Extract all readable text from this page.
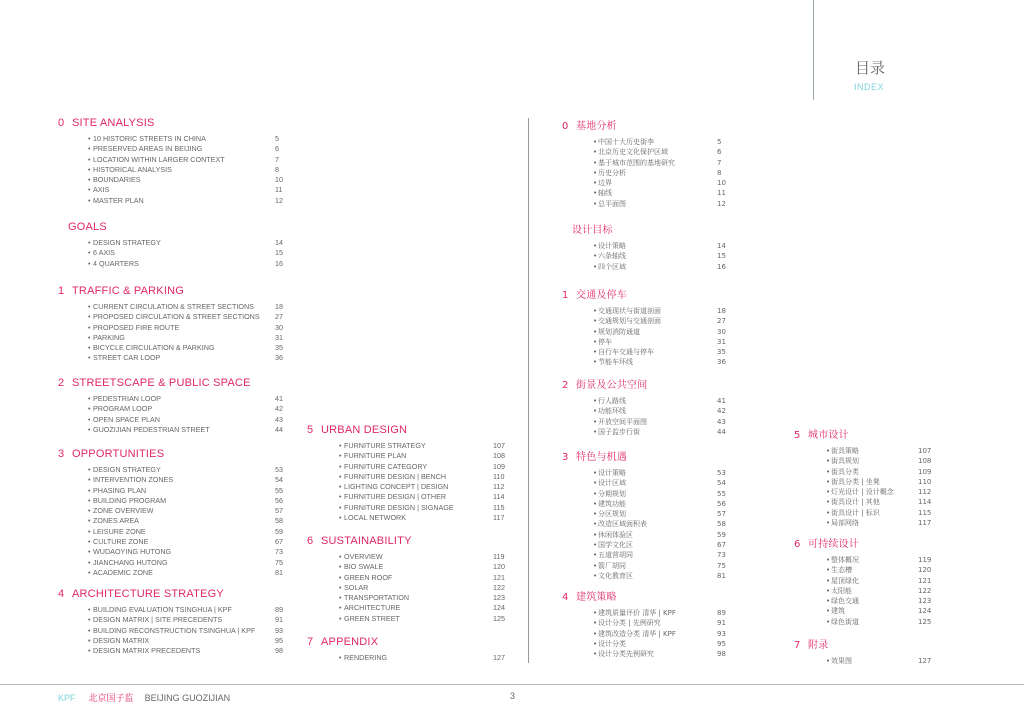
目录
INDEX
0 SITE ANALYSIS
• 10 HISTORIC STREETS IN CHINA	5
• PRESERVED AREAS IN BEIJING	6
• LOCATION WITHIN LARGER CONTEXT	7
• HISTORICAL ANALYSIS	8
• BOUNDARIES	10
• AXIS	11
• MASTER PLAN	12
GOALS
• DESIGN STRATEGY	14
• 6 AXIS	15
• 4 QUARTERS	16
1 TRAFFIC & PARKING
• CURRENT CIRCULATION & STREET SECTIONS	18
• PROPOSED CIRCULATION & STREET SECTIONS 27
• PROPOSED FIRE ROUTE	30
• PARKING	31
• BICYCLE CIRCULATION & PARKING	35
• STREET CAR LOOP	36
2 STREETSCAPE & PUBLIC SPACE
• PEDESTRIAN LOOP	41
• PROGRAM LOOP	42
• OPEN SPACE PLAN	43
• GUOZIJIAN PEDESTRIAN STREET	44
3 OPPORTUNITIES
• DESIGN STRATEGY	53
• INTERVENTION ZONES	54
• PHASING PLAN	55
• BUILDING PROGRAM	56
• ZONE OVERVIEW	57
• ZONES AREA	58
• LEISURE ZONE	59
• CULTURE ZONE	67
• WUDAOYING HUTONG	73
• JIANCHANG HUTONG	75
• ACADEMIC ZONE	81
4 ARCHITECTURE STRATEGY
• BUILDING EVALUATION TSINGHUA | KPF	89
• DESIGN MATRIX | SITE PRECEDENTS	91
• BUILDING RECONSTRUCTION TSINGHUA | KPF	93
• DESIGN MATRIX	95
• DESIGN MATRIX PRECEDENTS	98
5 URBAN DESIGN
• FURNITURE STRATEGY	107
• FURNITURE PLAN	108
• FURNITURE CATEGORY	109
• FURNITURE DESIGN | BENCH	110
• LIGHTING CONCEPT | DESIGN	112
• FURNITURE DESIGN | OTHER	114
• FURNITURE DESIGN | SIGNAGE	115
• LOCAL NETWORK	117
6 SUSTAINABILITY
• OVERVIEW	119
• BIO SWALE	120
• GREEN ROOF	121
• SOLAR	122
• TRANSPORTATION	123
• ARCHITECTURE	124
• GREEN STREET	125
7 APPENDIX
• RENDERING	127
0 基地分析
• 中国十大历史街李	5
• 北京历史文化保护区域	6
• 基于城市范围的基地研究	7
• 历史分析	8
• 边界	10
• 轴线	11
• 总平面图	12
设计目标
• 设计策略	14
• 六条轴线	15
• 四个区域	16
1 交通及停车
• 交通现状与街道剖面	18
• 交通规划与交通剖面	27
• 规划消防通道	30
• 停车	31
• 自行车交通与停车	35
• 节能车环线	36
2 街景及公共空间
• 行人路线	41
• 功能环线	42
• 开放空间平面图	43
• 国子监步行街	44
3 特色与机遇
• 设计策略	53
• 设计区域	54
• 分期规划	55
• 建筑功能	56
• 分区规划	57
• 改造区域面积表	58
• 休闲体验区	59
• 国学文化区	67
• 五道营胡同	73
• 箭厂胡同	75
• 文化教育区	81
4 建筑策略
• 建筑质量评价 清华 | KPF	89
• 设计分类 | 先例研究	91
• 建筑改造分类 清华 | KPF	93
• 设计分类	95
• 设计分类先例研究	98
5 城市设计
• 街具策略	107
• 街具规划	108
• 街具分类	109
• 街具分类 | 坐凳	110
• 灯光设计 | 设计概念	112
• 街具设计 | 其他	114
• 街具设计 | 标识	115
• 局部网络	117
6 可持续设计
• 整体概况	119
• 生态槽	120
• 屋顶绿化	121
• 太阳能	122
• 绿色交通	123
• 建筑	124
• 绿色街道	125
7 附录
• 效果图	127
KPF 北京国子监 BEIJING GUOZIJIAN	3
